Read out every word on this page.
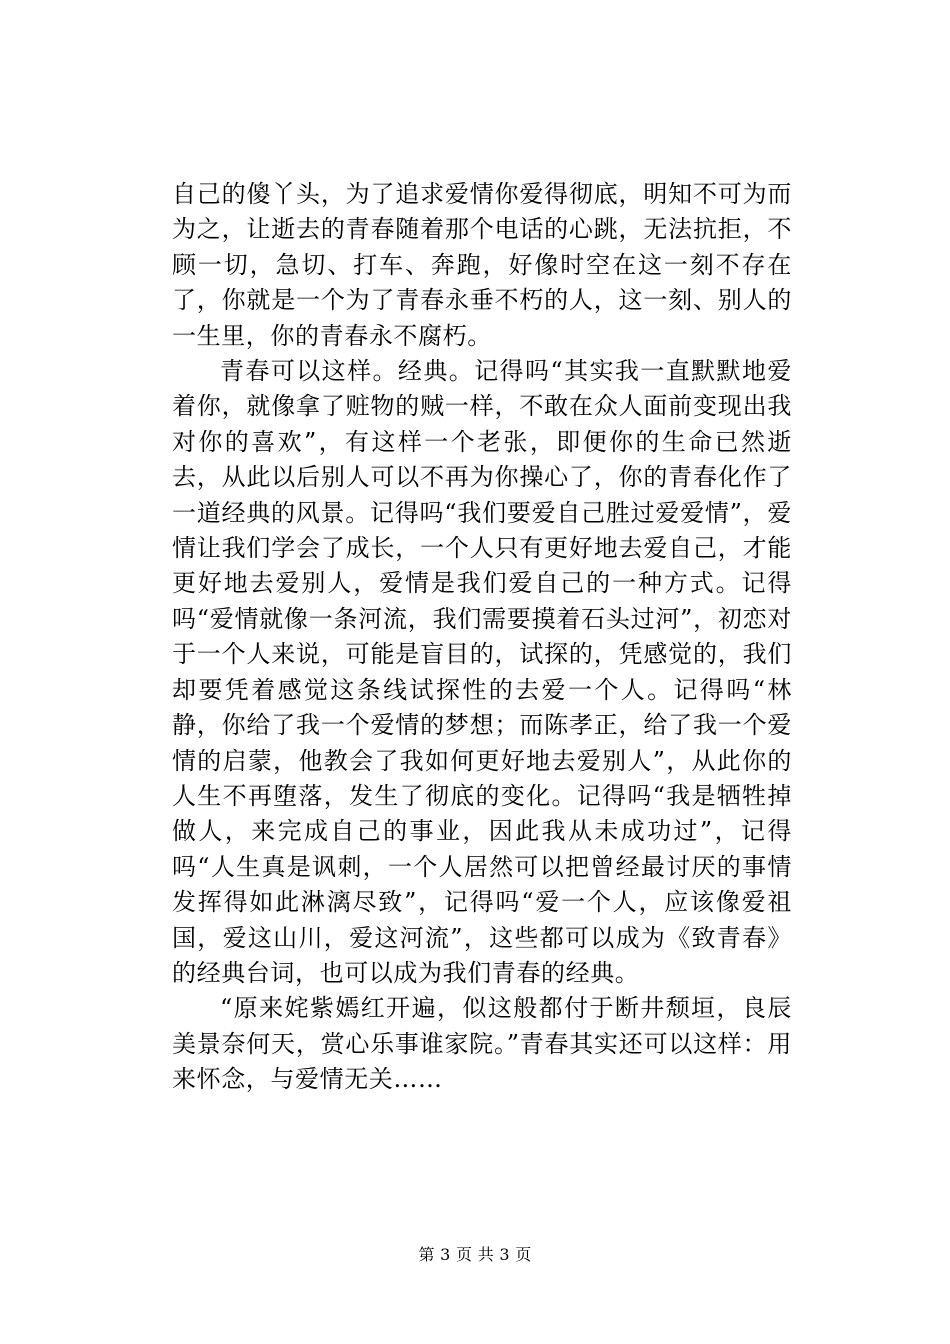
自己的傻丫头，为了追求爱情你爱得彻底，明知不可为而为之，让逝去的青春随着那个电话的心跳，无法抗拒，不顾一切，急切、打车、奔跑，好像时空在这一刻不存在了，你就是一个为了青春永垂不朽的人，这一刻、别人的一生里，你的青春永不腐朽。

青春可以这样。经典。记得吗“其实我一直默默地爱着你，就像拿了赃物的贼一样，不敢在众人面前变现出我对你的喜欢”，有这样一个老张，即便你的生命已然逝去，从此以后别人可以不再为你操心了，你的青春化作了一道经典的风景。记得吗“我们要爱自己胜过爱爱情”，爱情让我们学会了成长，一个人只有更好地去爱自己，才能更好地去爱别人，爱情是我们爱自己的一种方式。记得吗“爱情就像一条河流，我们需要摸着石头过河”，初恋对于一个人来说，可能是盲目的，试探的，凭感觉的，我们却要凭着感觉这条线试探性的去爱一个人。记得吗“林静，你给了我一个爱情的梦想；而陈孝正，给了我一个爱情的启蒙，他教会了我如何更好地去爱别人”，从此你的人生不再堕落，发生了彻底的变化。记得吗“我是牺牲掉做人，来完成自己的事业，因此我从未成功过”，记得吗“人生真是讽刺，一个人居然可以把曾经最讨厌的事情发挥得如此淋漓尽致”，记得吗“爱一个人，应该像爱祖国，爱这山川，爱这河流”，这些都可以成为《致青春》的经典台词，也可以成为我们青春的经典。

“原来姹紫嫣红开遍，似这般都付于断井颓垣，良辰美景奈何天，赏心乐事谁家院。”青春其实还可以这样：用来怀念，与爱情无关……

第 3 页 共 3 页
